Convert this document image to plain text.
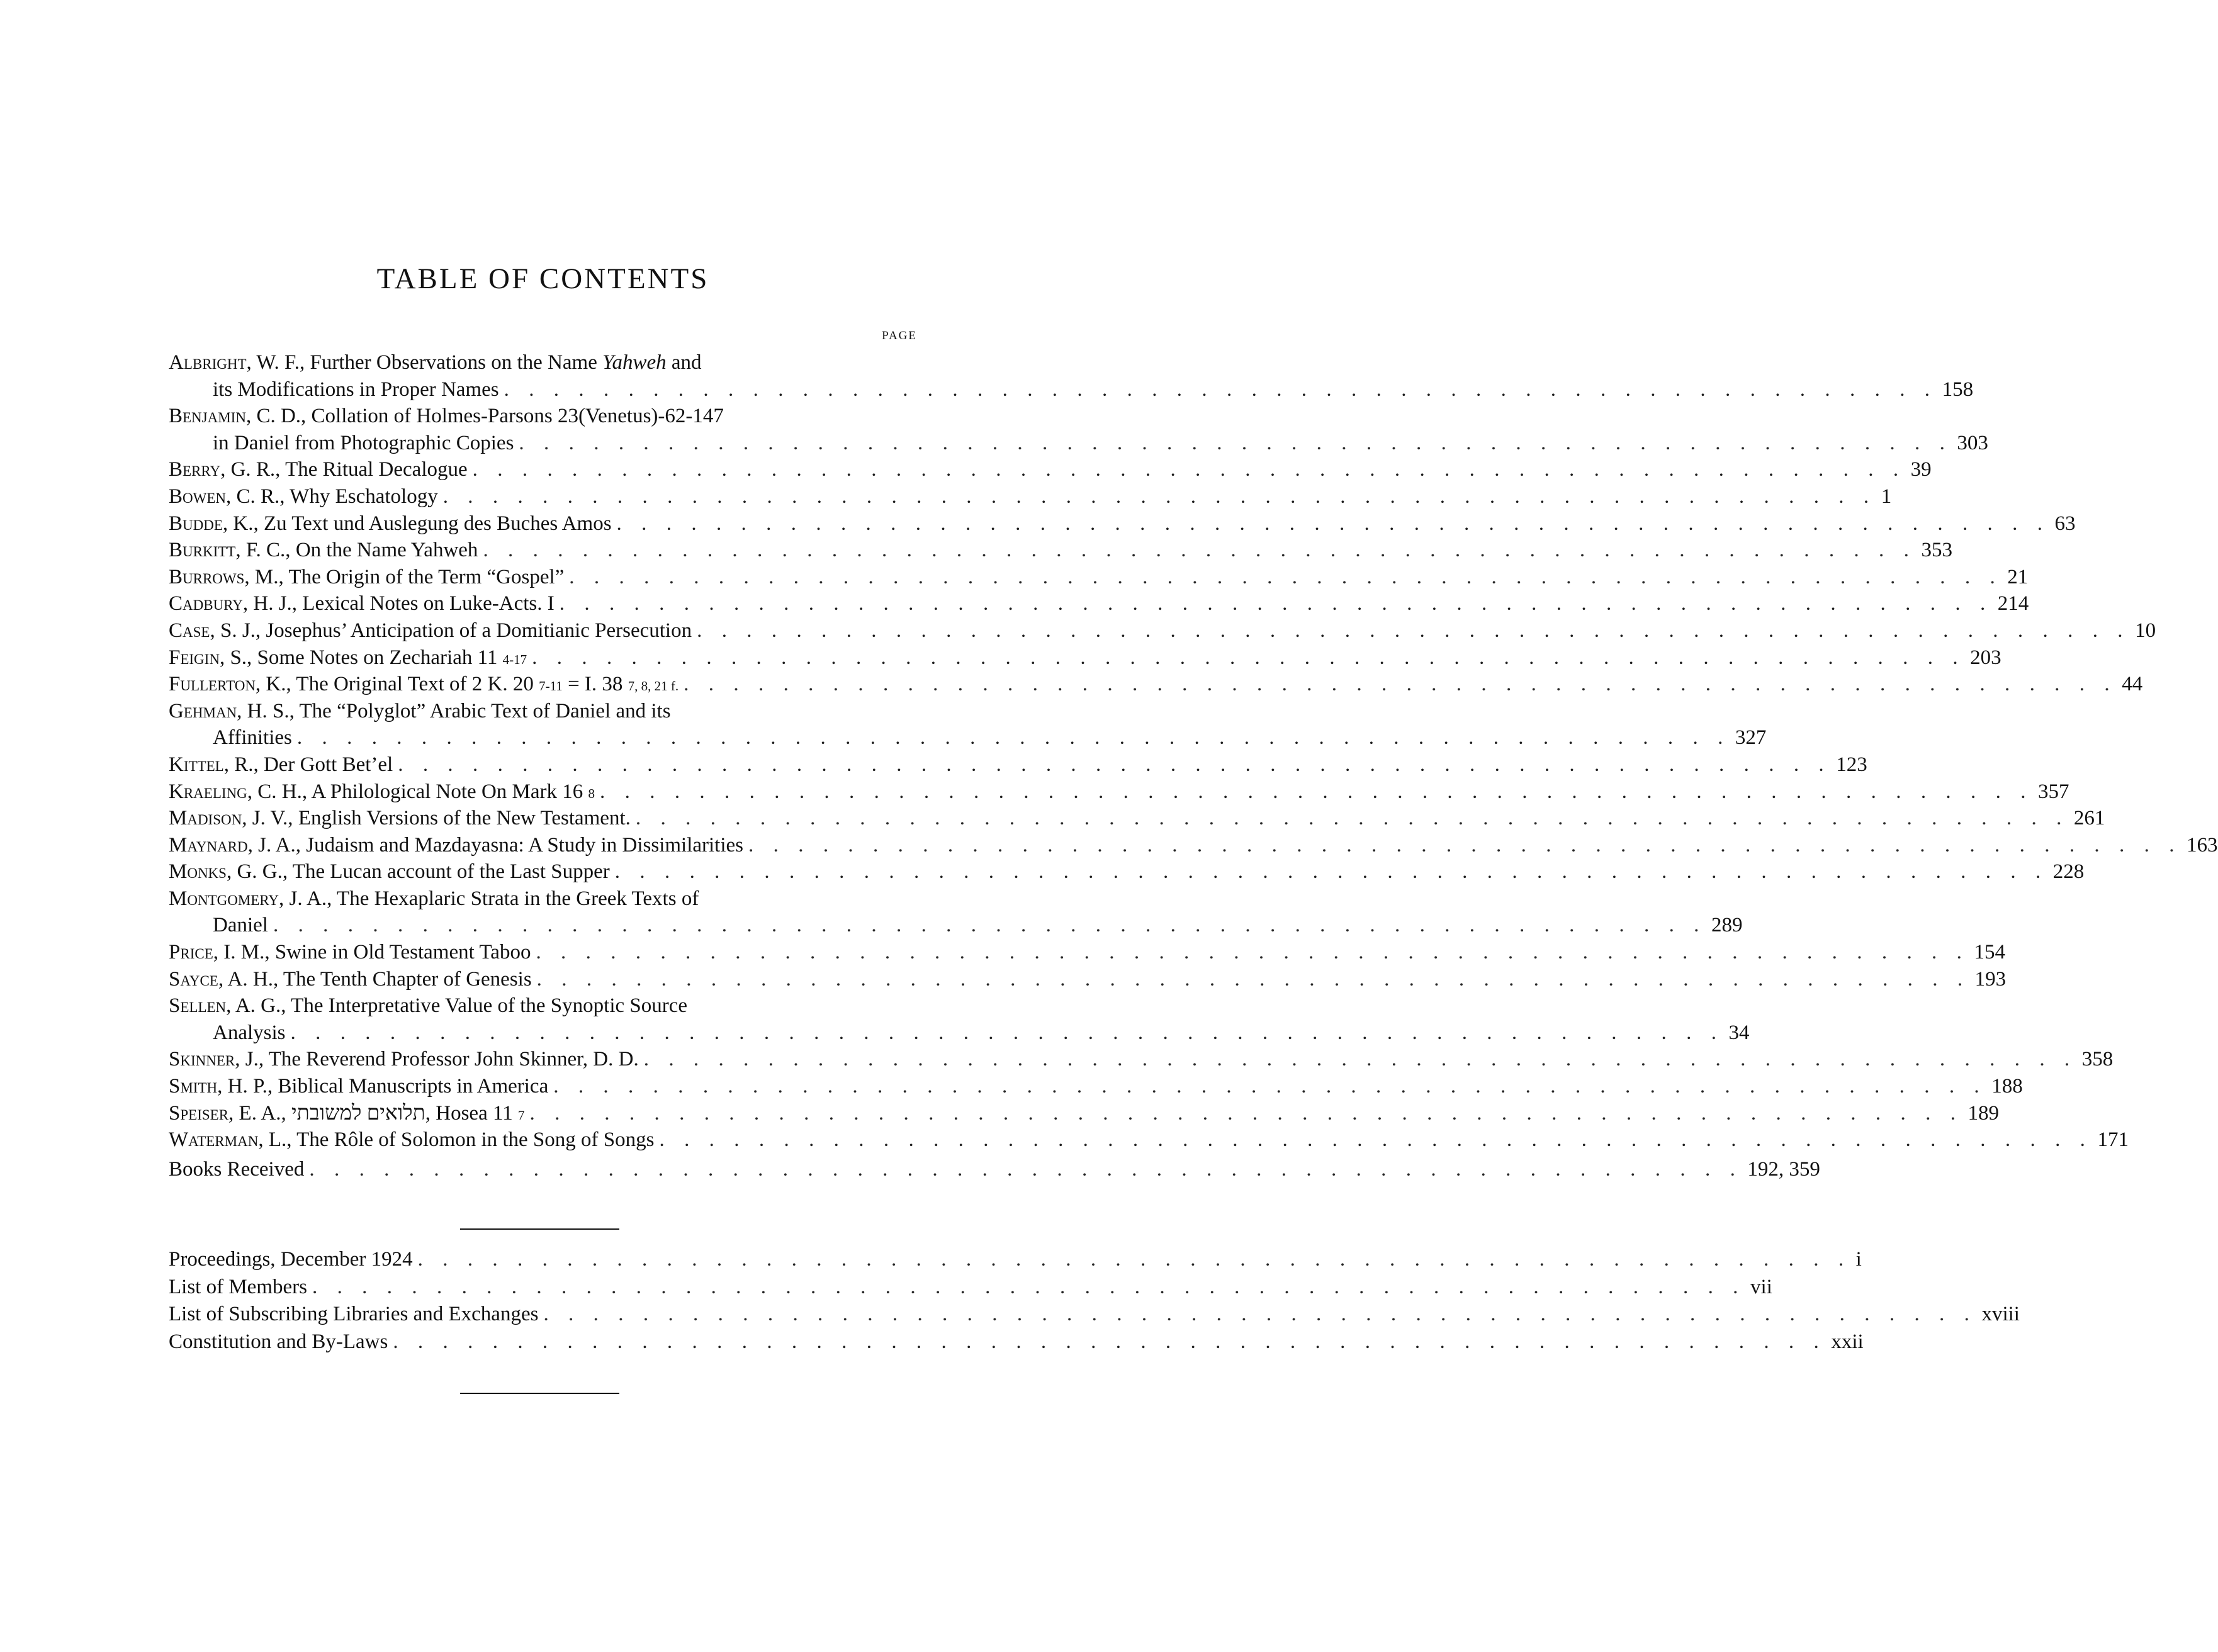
TABLE OF CONTENTS
PAGE
Albright, W. F., Further Observations on the Name Yahweh and
its Modifications in Proper Names . . . . . . . . . . . . . . . . . . . . . . . . . . . . . . . . . . . . . . . . . . . . . . . . . . . . . . . . . . 158
Benjamin, C. D., Collation of Holmes-Parsons 23(Venetus)-62-147
in Daniel from Photographic Copies . . . . . . . . . . . . . . . . . . . . . . . . . . . . . . . . . . . . . . . . . . . . . . . . . . . . . . . . . . 303
Berry, G. R., The Ritual Decalogue . . . . . . . . . . . . . . . . . . . . . . . . . . . . . . . . . . . . . . . . . . . . . . . . . . . . . . . . . . 39
Bowen, C. R., Why Eschatology . . . . . . . . . . . . . . . . . . . . . . . . . . . . . . . . . . . . . . . . . . . . . . . . . . . . . . . . . . 1
Budde, K., Zu Text und Auslegung des Buches Amos . . . . . . . . . . . . . . . . . . . . . . . . . . . . . . . . . . . . . . . . . . . . . . . . . . . . . . . . . . 63
Burkitt, F. C., On the Name Yahweh . . . . . . . . . . . . . . . . . . . . . . . . . . . . . . . . . . . . . . . . . . . . . . . . . . . . . . . . . . 353
Burrows, M., The Origin of the Term “Gospel” . . . . . . . . . . . . . . . . . . . . . . . . . . . . . . . . . . . . . . . . . . . . . . . . . . . . . . . . . . 21
Cadbury, H. J., Lexical Notes on Luke-Acts. I . . . . . . . . . . . . . . . . . . . . . . . . . . . . . . . . . . . . . . . . . . . . . . . . . . . . . . . . . . 214
Case, S. J., Josephus’ Anticipation of a Domitianic Persecution . . . . . . . . . . . . . . . . . . . . . . . . . . . . . . . . . . . . . . . . . . . . . . . . . . . . . . . . . . 10
Feigin, S., Some Notes on Zechariah 11 4-17 . . . . . . . . . . . . . . . . . . . . . . . . . . . . . . . . . . . . . . . . . . . . . . . . . . . . . . . . . . 203
Fullerton, K., The Original Text of 2 K. 20 7-11 = I. 38 7, 8, 21 f. . . . . . . . . . . . . . . . . . . . . . . . . . . . . . . . . . . . . . . . . . . . . . . . . . . . . . . . . . . 44
Gehman, H. S., The “Polyglot” Arabic Text of Daniel and its
Affinities . . . . . . . . . . . . . . . . . . . . . . . . . . . . . . . . . . . . . . . . . . . . . . . . . . . . . . . . . . 327
Kittel, R., Der Gott Bet’el . . . . . . . . . . . . . . . . . . . . . . . . . . . . . . . . . . . . . . . . . . . . . . . . . . . . . . . . . . 123
Kraeling, C. H., A Philological Note On Mark 16 8 . . . . . . . . . . . . . . . . . . . . . . . . . . . . . . . . . . . . . . . . . . . . . . . . . . . . . . . . . . 357
Madison, J. V., English Versions of the New Testament. . . . . . . . . . . . . . . . . . . . . . . . . . . . . . . . . . . . . . . . . . . . . . . . . . . . . . . . . . . 261
Maynard, J. A., Judaism and Mazdayasna: A Study in Dissimilarities . . . . . . . . . . . . . . . . . . . . . . . . . . . . . . . . . . . . . . . . . . . . . . . . . . . . . . . . . . 163
Monks, G. G., The Lucan account of the Last Supper . . . . . . . . . . . . . . . . . . . . . . . . . . . . . . . . . . . . . . . . . . . . . . . . . . . . . . . . . . 228
Montgomery, J. A., The Hexaplaric Strata in the Greek Texts of
Daniel . . . . . . . . . . . . . . . . . . . . . . . . . . . . . . . . . . . . . . . . . . . . . . . . . . . . . . . . . . 289
Price, I. M., Swine in Old Testament Taboo . . . . . . . . . . . . . . . . . . . . . . . . . . . . . . . . . . . . . . . . . . . . . . . . . . . . . . . . . . 154
Sayce, A. H., The Tenth Chapter of Genesis . . . . . . . . . . . . . . . . . . . . . . . . . . . . . . . . . . . . . . . . . . . . . . . . . . . . . . . . . . 193
Sellen, A. G., The Interpretative Value of the Synoptic Source
Analysis . . . . . . . . . . . . . . . . . . . . . . . . . . . . . . . . . . . . . . . . . . . . . . . . . . . . . . . . . . 34
Skinner, J., The Reverend Professor John Skinner, D. D. . . . . . . . . . . . . . . . . . . . . . . . . . . . . . . . . . . . . . . . . . . . . . . . . . . . . . . . . . . 358
Smith, H. P., Biblical Manuscripts in America . . . . . . . . . . . . . . . . . . . . . . . . . . . . . . . . . . . . . . . . . . . . . . . . . . . . . . . . . . 188
Speiser, E. A., תלואים למשובתי, Hosea 11 7 . . . . . . . . . . . . . . . . . . . . . . . . . . . . . . . . . . . . . . . . . . . . . . . . . . . . . . . . . . 189
Waterman, L., The Rôle of Solomon in the Song of Songs . . . . . . . . . . . . . . . . . . . . . . . . . . . . . . . . . . . . . . . . . . . . . . . . . . . . . . . . . . 171
Books Received . . . . . . . . . . . . . . . . . . . . . . . . . . . . . . . . . . . . . . . . . . . . . . . . . . . . . . . . . . 192, 359
Proceedings, December 1924 . . . . . . . . . . . . . . . . . . . . . . . . . . . . . . . . . . . . . . . . . . . . . . . . . . . . . . . . . . i
List of Members . . . . . . . . . . . . . . . . . . . . . . . . . . . . . . . . . . . . . . . . . . . . . . . . . . . . . . . . . . vii
List of Subscribing Libraries and Exchanges . . . . . . . . . . . . . . . . . . . . . . . . . . . . . . . . . . . . . . . . . . . . . . . . . . . . . . . . . . xviii
Constitution and By-Laws . . . . . . . . . . . . . . . . . . . . . . . . . . . . . . . . . . . . . . . . . . . . . . . . . . . . . . . . . . xxii
